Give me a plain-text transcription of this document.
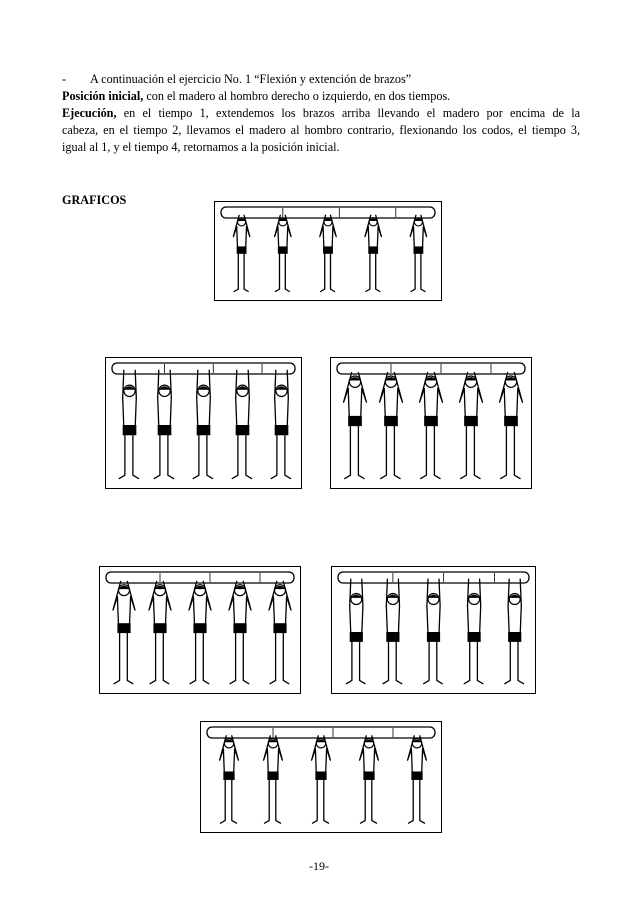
-	A continuación el ejercicio No. 1 “Flexión y extención de brazos”
Posición inicial, con el madero al hombro derecho o izquierdo, en dos tiempos.
Ejecución, en el tiempo 1, extendemos los brazos arriba llevando el madero por encima de la
cabeza, en el tiempo 2, llevamos el madero al hombro contrario, flexionando los codos, el tiempo 3,
igual al 1, y el tiempo 4, retornamos a la posición inicial.
GRAFICOS
-19-
